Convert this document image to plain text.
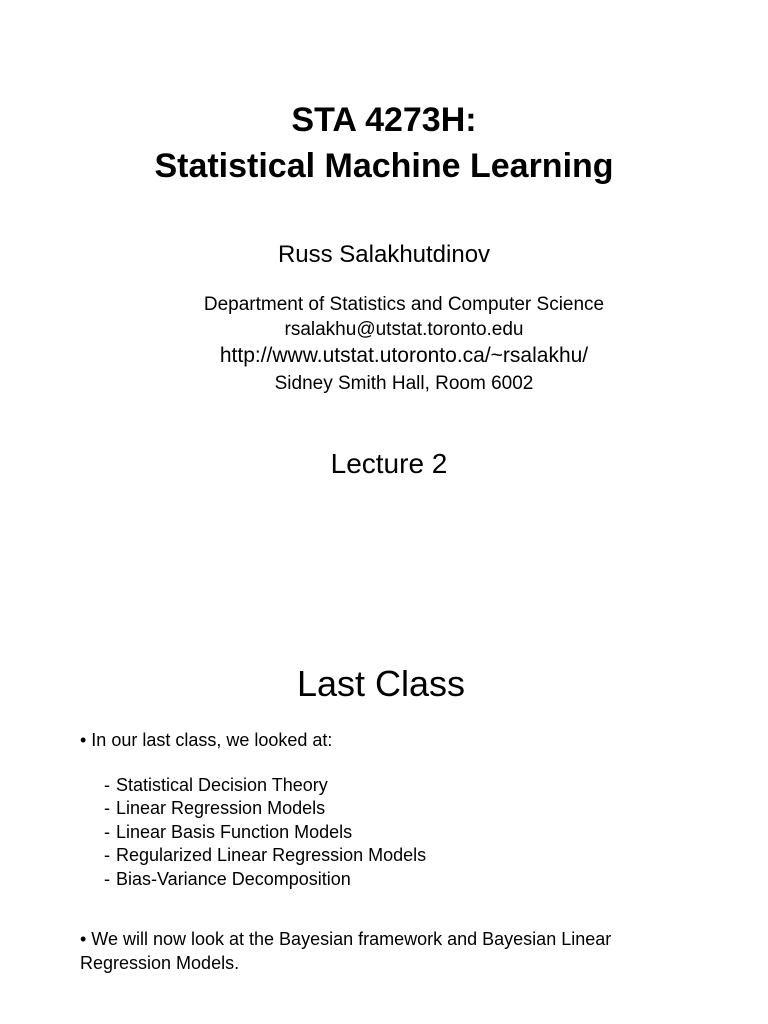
STA 4273H:
Statistical Machine Learning
Russ Salakhutdinov
Department of Statistics and Computer Science
rsalakhu@utstat.toronto.edu
http://www.utstat.utoronto.ca/~rsalakhu/
Sidney Smith Hall, Room 6002
Lecture 2
Last Class
• In our last class, we looked at:
- Statistical Decision Theory
- Linear Regression Models
- Linear Basis Function Models
- Regularized Linear Regression Models
- Bias-Variance Decomposition
• We will now look at the Bayesian framework and Bayesian Linear Regression Models.
